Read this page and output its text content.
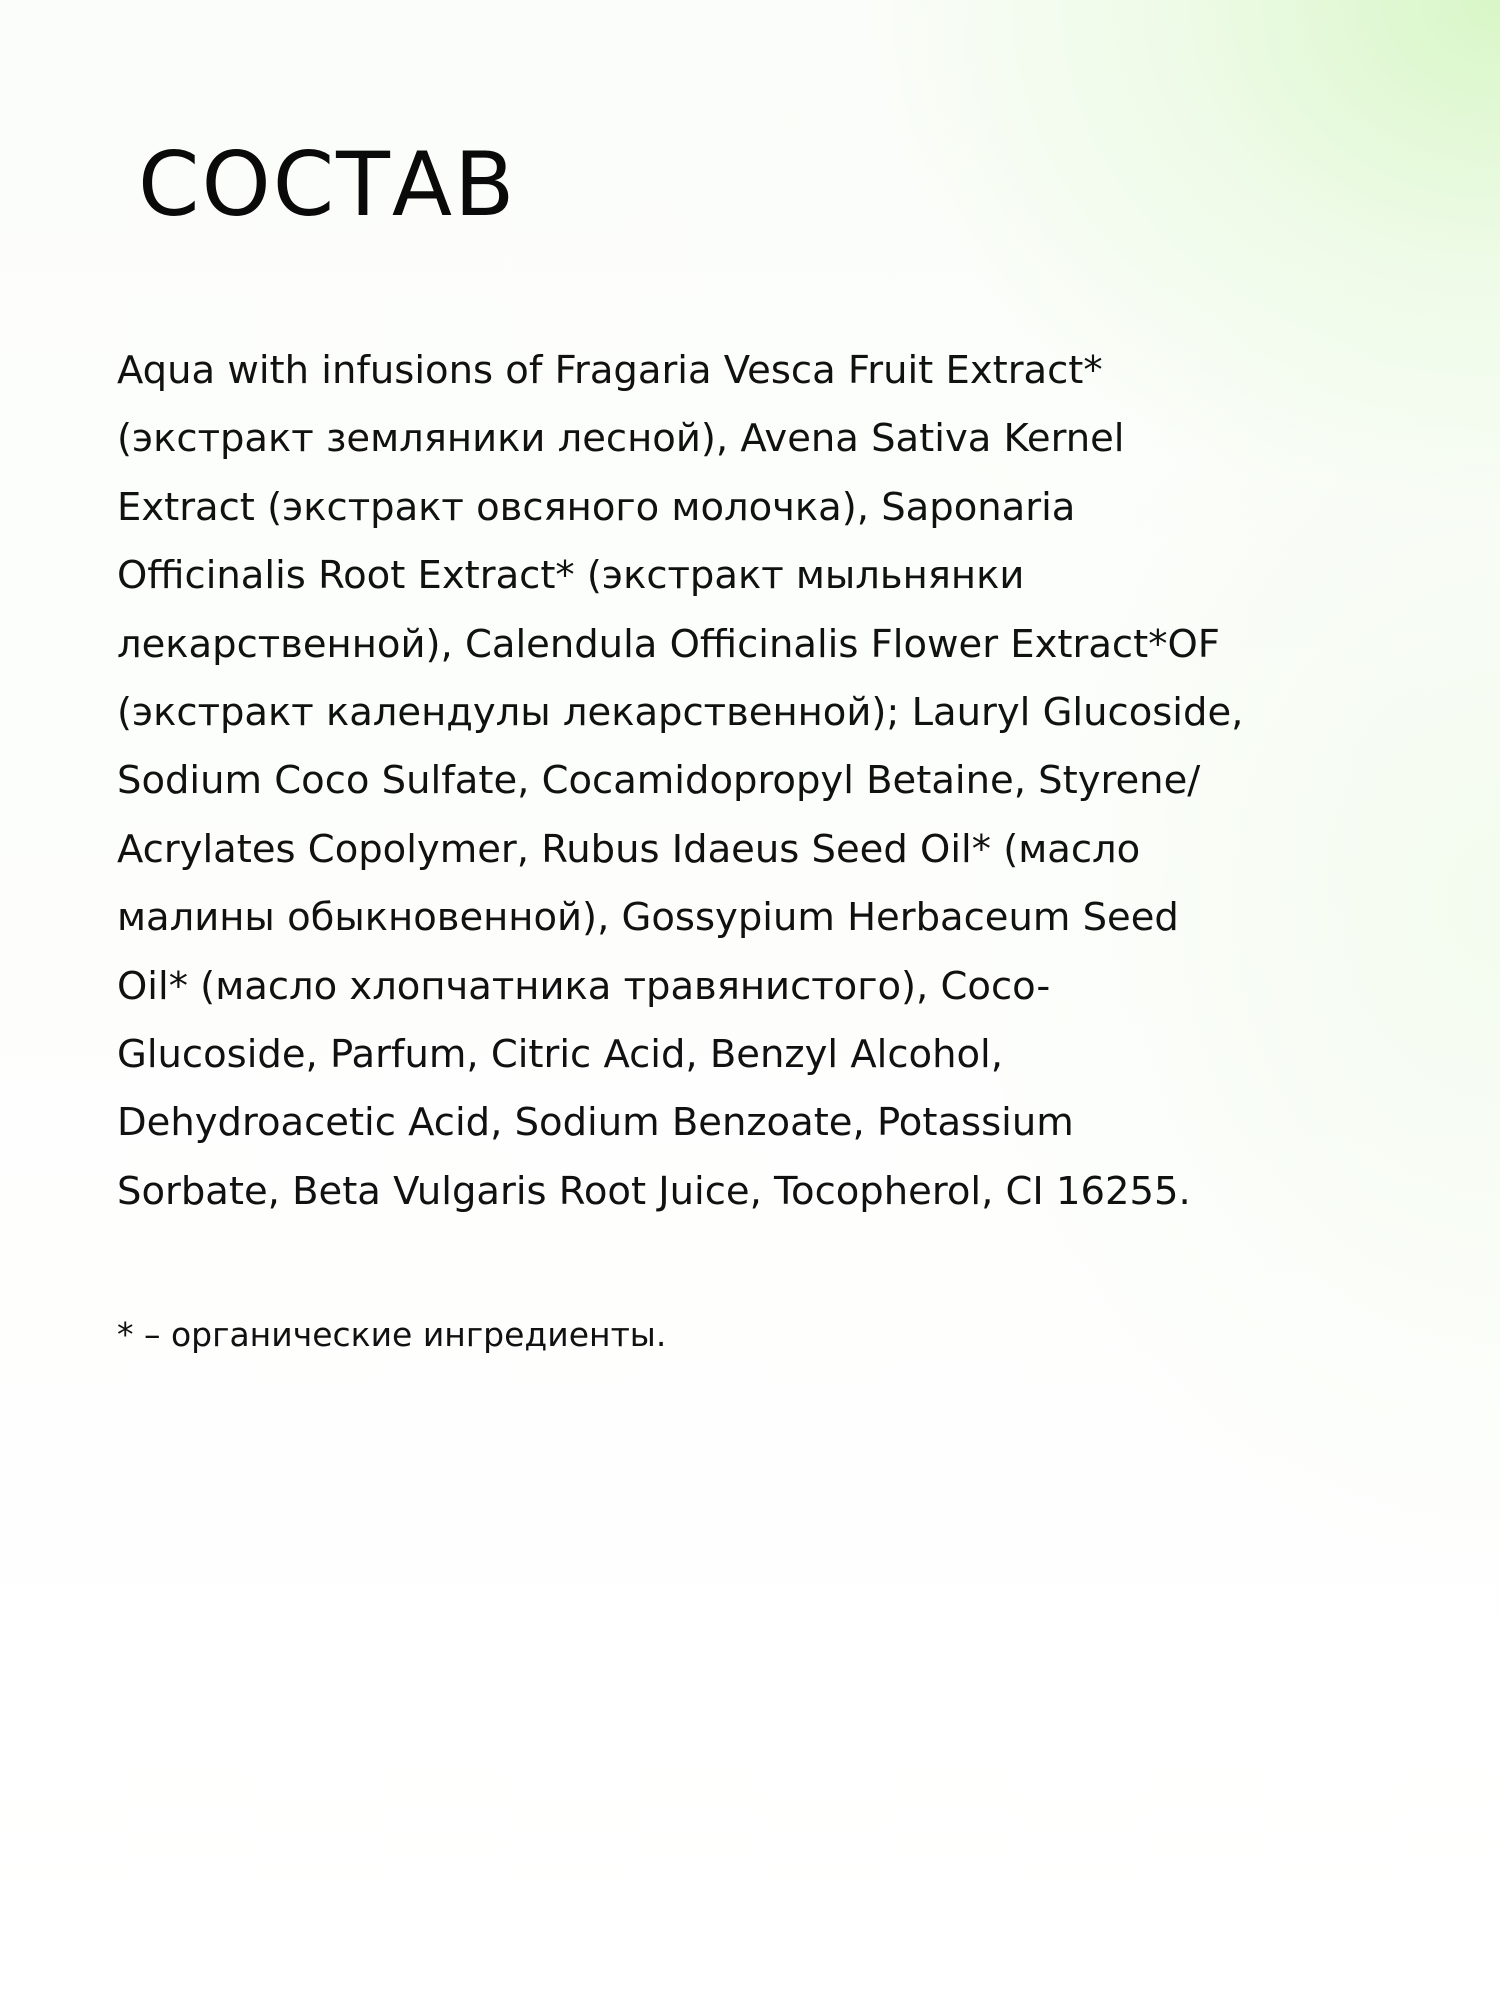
СОСТАВ

Aqua with infusions of Fragaria Vesca Fruit Extract*
(экстракт земляники лесной), Avena Sativa Kernel
Extract (экстракт овсяного молочка), Saponaria
Officinalis Root Extract* (экстракт мыльнянки
лекарственной), Calendula Officinalis Flower Extract*OF
(экстракт календулы лекарственной); Lauryl Glucoside,
Sodium Coco Sulfate, Cocamidopropyl Betaine, Styrene/
Acrylates Copolymer, Rubus Idaeus Seed Oil* (масло
малины обыкновенной), Gossypium Herbaceum Seed
Oil* (масло хлопчатника травянистого), Coco-
Glucoside, Parfum, Citric Acid, Benzyl Alcohol,
Dehydroacetic Acid, Sodium Benzoate, Potassium
Sorbate, Beta Vulgaris Root Juice, Tocopherol, CI 16255.

* – органические ингредиенты.
